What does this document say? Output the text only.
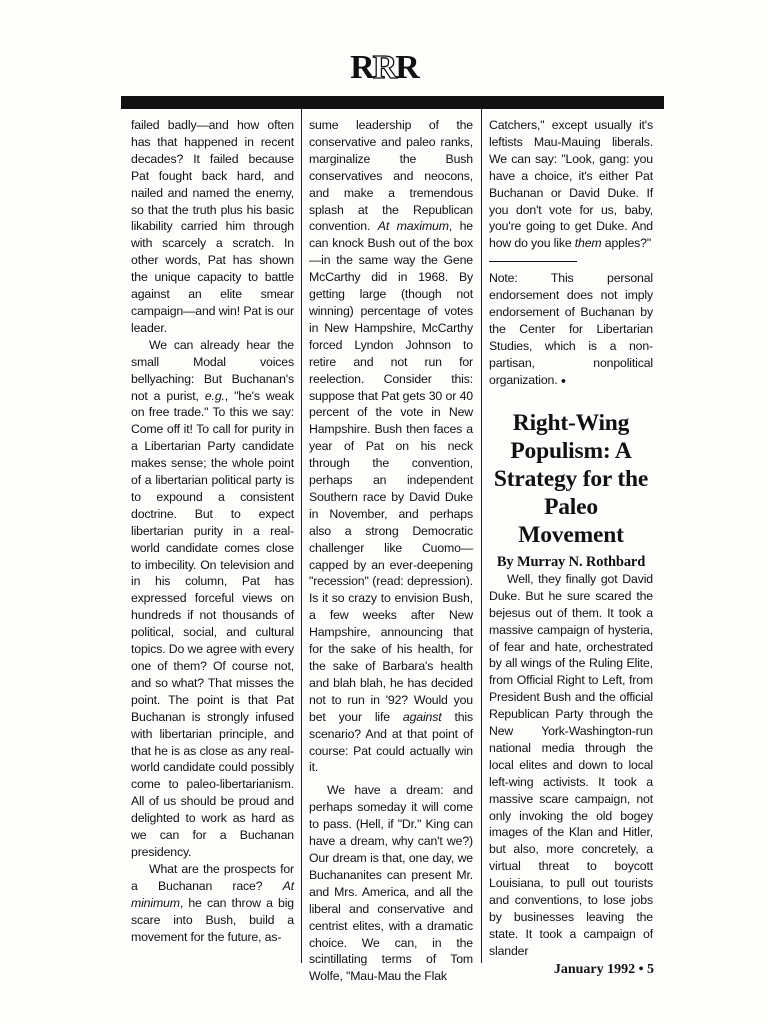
RRR

failed badly—and how often has that happened in recent decades? It failed because Pat fought back hard, and nailed and named the enemy, so that the truth plus his basic likability carried him through with scarcely a scratch. In other words, Pat has shown the unique capacity to battle against an elite smear campaign—and win! Pat is our leader.

We can already hear the small Modal voices bellyaching: But Buchanan's not a purist, e.g., "he's weak on free trade." To this we say: Come off it! To call for purity in a Libertarian Party candidate makes sense; the whole point of a libertarian political party is to expound a consistent doctrine. But to expect libertarian purity in a real-world candidate comes close to imbecility. On television and in his column, Pat has expressed forceful views on hundreds if not thousands of political, social, and cultural topics. Do we agree with every one of them? Of course not, and so what? That misses the point. The point is that Pat Buchanan is strongly infused with libertarian principle, and that he is as close as any real-world candidate could possibly come to paleo-libertarianism. All of us should be proud and delighted to work as hard as we can for a Buchanan presidency.

What are the prospects for a Buchanan race? At minimum, he can throw a big scare into Bush, build a movement for the future, as-

sume leadership of the conservative and paleo ranks, marginalize the Bush conservatives and neocons, and make a tremendous splash at the Republican convention. At maximum, he can knock Bush out of the box—in the same way the Gene McCarthy did in 1968. By getting large (though not winning) percentage of votes in New Hampshire, McCarthy forced Lyndon Johnson to retire and not run for reelection. Consider this: suppose that Pat gets 30 or 40 percent of the vote in New Hampshire. Bush then faces a year of Pat on his neck through the convention, perhaps an independent Southern race by David Duke in November, and perhaps also a strong Democratic challenger like Cuomo—capped by an ever-deepening "recession" (read: depression). Is it so crazy to envision Bush, a few weeks after New Hampshire, announcing that for the sake of his health, for the sake of Barbara's health and blah blah, he has decided not to run in '92? Would you bet your life against this scenario? And at that point of course: Pat could actually win it.

We have a dream: and perhaps someday it will come to pass. (Hell, if "Dr." King can have a dream, why can't we?) Our dream is that, one day, we Buchananites can present Mr. and Mrs. America, and all the liberal and conservative and centrist elites, with a dramatic choice. We can, in the scintillating terms of Tom Wolfe, "Mau-Mau the Flak

Catchers," except usually it's leftists Mau-Mauing liberals. We can say: "Look, gang: you have a choice, it's either Pat Buchanan or David Duke. If you don't vote for us, baby, you're going to get Duke. And how do you like them apples?"

Note: This personal endorsement does not imply endorsement of Buchanan by the Center for Libertarian Studies, which is a non-partisan, nonpolitical organization. ●

Right-Wing Populism: A Strategy for the Paleo Movement
By Murray N. Rothbard

Well, they finally got David Duke. But he sure scared the bejesus out of them. It took a massive campaign of hysteria, of fear and hate, orchestrated by all wings of the Ruling Elite, from Official Right to Left, from President Bush and the official Republican Party through the New York-Washington-run national media through the local elites and down to local left-wing activists. It took a massive scare campaign, not only invoking the old bogey images of the Klan and Hitler, but also, more concretely, a virtual threat to boycott Louisiana, to pull out tourists and conventions, to lose jobs by businesses leaving the state. It took a campaign of slander

January 1992 • 5
